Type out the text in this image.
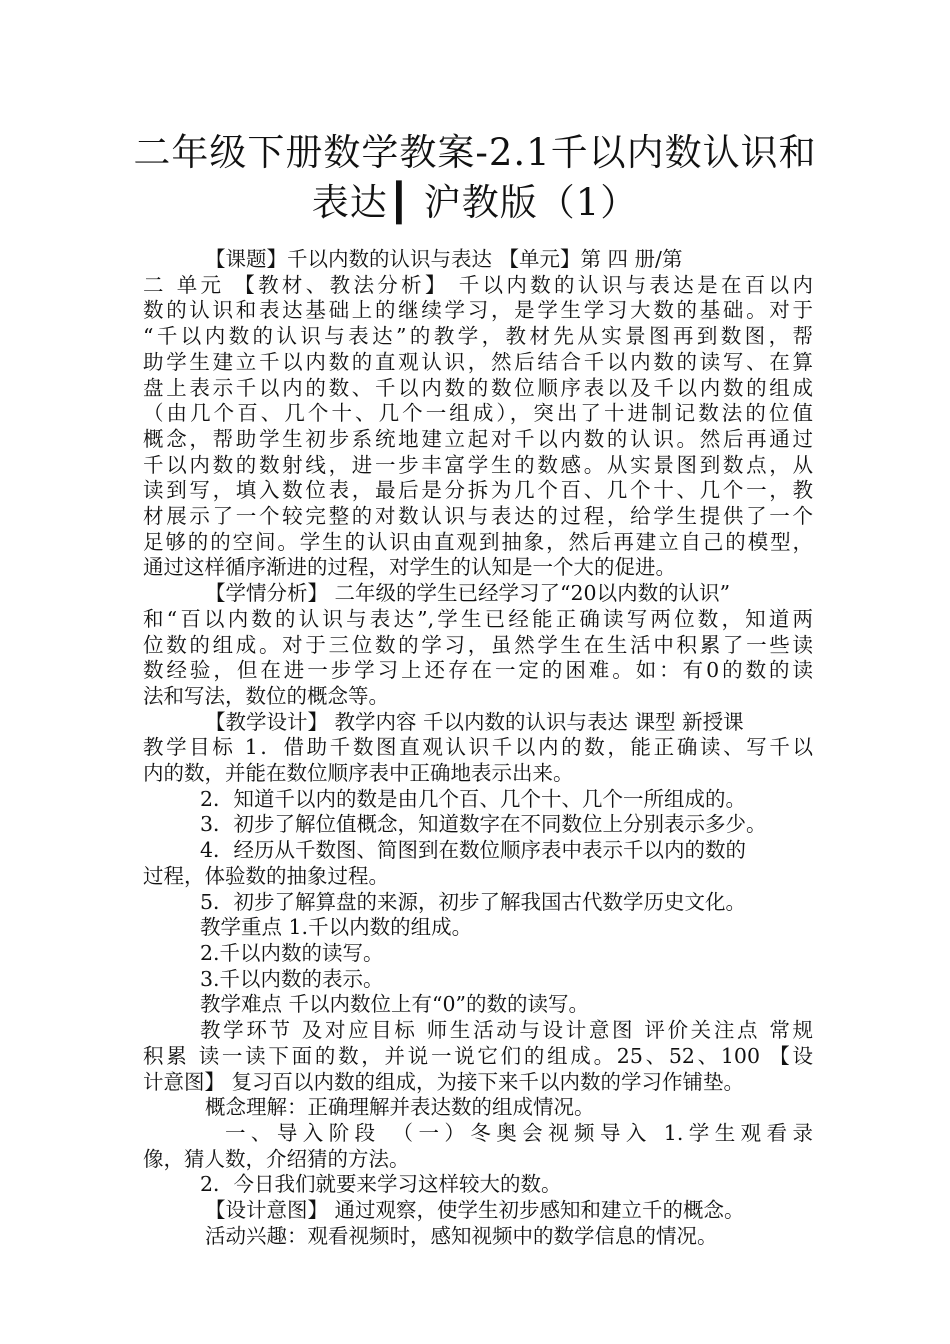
二年级下册数学教案-2.1千以内数认识和
表达┃ 沪教版（1）
【课题】千以内数的认识与表达 【单元】第 四 册/第
二 单元 【教材、教法分析】 千以内数的认识与表达是在百以内
数的认识和表达基础上的继续学习，是学生学习大数的基础。对于
“千以内数的认识与表达”的教学，教材先从实景图再到数图，帮
助学生建立千以内数的直观认识，然后结合千以内数的读写、在算
盘上表示千以内的数、千以内数的数位顺序表以及千以内数的组成
（由几个百、几个十、几个一组成），突出了十进制记数法的位值
概念，帮助学生初步系统地建立起对千以内数的认识。然后再通过
千以内数的数射线，进一步丰富学生的数感。从实景图到数点，从
读到写，填入数位表，最后是分拆为几个百、几个十、几个一，教
材展示了一个较完整的对数认识与表达的过程，给学生提供了一个
足够的的空间。学生的认识由直观到抽象，然后再建立自己的模型，
通过这样循序渐进的过程，对学生的认知是一个大的促进。
【学情分析】 二年级的学生已经学习了“20以内数的认识”
和“百以内数的认识与表达”,学生已经能正确读写两位数，知道两
位数的组成。对于三位数的学习，虽然学生在生活中积累了一些读
数经验，但在进一步学习上还存在一定的困难。如：有0的数的读
法和写法，数位的概念等。
【教学设计】 教学内容 千以内数的认识与表达 课型 新授课
教学目标 1．借助千数图直观认识千以内的数，能正确读、写千以
内的数，并能在数位顺序表中正确地表示出来。
2．知道千以内的数是由几个百、几个十、几个一所组成的。
3．初步了解位值概念，知道数字在不同数位上分别表示多少。
4．经历从千数图、简图到在数位顺序表中表示千以内的数的
过程，体验数的抽象过程。
5．初步了解算盘的来源，初步了解我国古代数学历史文化。
教学重点 1.千以内数的组成。
2.千以内数的读写。
3.千以内数的表示。
教学难点 千以内数位上有“0”的数的读写。
教学环节 及对应目标 师生活动与设计意图 评价关注点 常规
积累 读一读下面的数，并说一说它们的组成。25、52、100 【设
计意图】 复习百以内数的组成，为接下来千以内数的学习作铺垫。
概念理解：正确理解并表达数的组成情况。
一、导入阶段 （一）冬奥会视频导入 1.学生观看录
像，猜人数，介绍猜的方法。
2．今日我们就要来学习这样较大的数。
【设计意图】 通过观察，使学生初步感知和建立千的概念。
活动兴趣：观看视频时，感知视频中的数学信息的情况。
